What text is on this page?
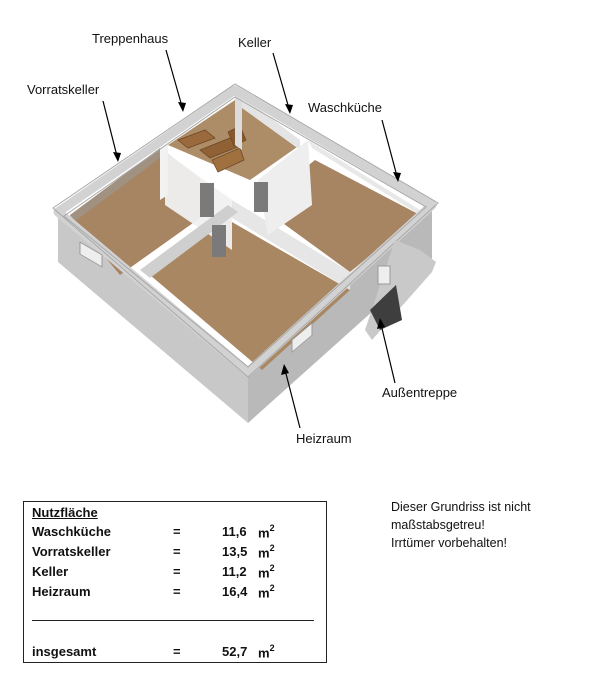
Treppenhaus	Keller
Vorratskeller
Waschküche
Außentreppe
Heizraum
Nutzfläche
Waschküche	=	11,6 $m^2$
Vorratskeller	=	13,5 $m^2$
Keller	=	11,2 $m^2$
Heizraum	=	16,4 $m^2$
insgesamt	=	52,7 $m^2$
Dieser Grundriss ist nicht
maßstabsgetreu!
Irrtümer vorbehalten!
